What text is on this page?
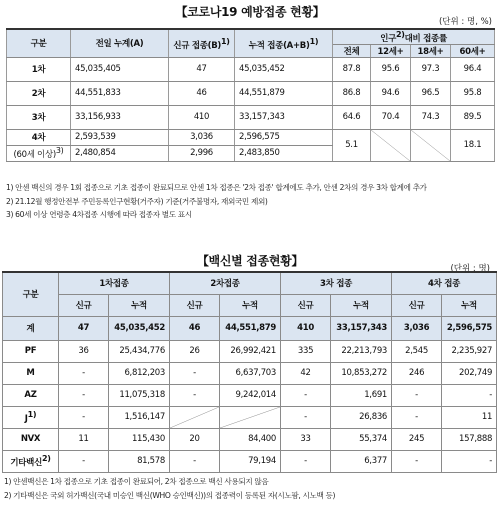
【코로나19 예방접종 현황】
(단위 : 명, %)
구분	전일 누계(A)	신규 접종$(B)^{1)}$	누적 접종$(A+B)^{1)}$	인구$^{2)}$대비 접종률			
				전체	12세+	18세+	60세+
1차	45,035,405	47	45,035,452	87.8	95.6	97.3	96.4
2차	44,551,833	46	44,551,879	86.8	94.6	96.5	95.8
3차	33,156,933	410	33,157,343	64.6	70.4	74.3	89.5
4차	2,593,539	3,036	2,596,575	5.1			18.1
(60세 이상)$^{3)}$	2,480,854	2,996	2,483,850				
1) 안센 백신의 경우 1회 접종으로 기초 접종이 완료되므로 안센 1차 접종은 '2차 접종' 합계에도 추가, 안센 2차의 경우 3차 합계에 추가
2) 21.12월 행정안전부 주민등록인구현황(거주자) 기준(거주불명자, 재외국민 제외)
3) 60세 이상 연령층 4차접종 시행에 따라 접종자 별도 표시
【백신별 접종현황】
(단위 : 명)
구분	1차접종		2차접종		3차 접종		4차 접종	
	신규	누적	신규	누적	신규	누적	신규	누적
계	47	45,035,452	46	44,551,879	410	33,157,343	3,036	2,596,575
PF	36	25,434,776	26	26,992,421	335	22,213,793	2,545	2,235,927
M	-	6,812,203	-	6,637,703	42	10,853,272	246	202,749
AZ	-	11,075,318	-	9,242,014	-	1,691	-	-
$J^{1)}$	-	1,516,147			-	26,836	-	11
NVX	11	115,430	20	84,400	33	55,374	245	157,888
기타백신$^{2)}$	-	81,578	-	79,194	-	6,377	-	-
1) 얀센백신은 1차 접종으로 기초 접종이 완료되어, 2차 접종으로 백신 사용되지 않음
2) 기타백신은 국외 허가백신(국내 미승인 백신(WHO 승인백신))의 접종력이 등록된 자(시노팜, 시노백 등)
